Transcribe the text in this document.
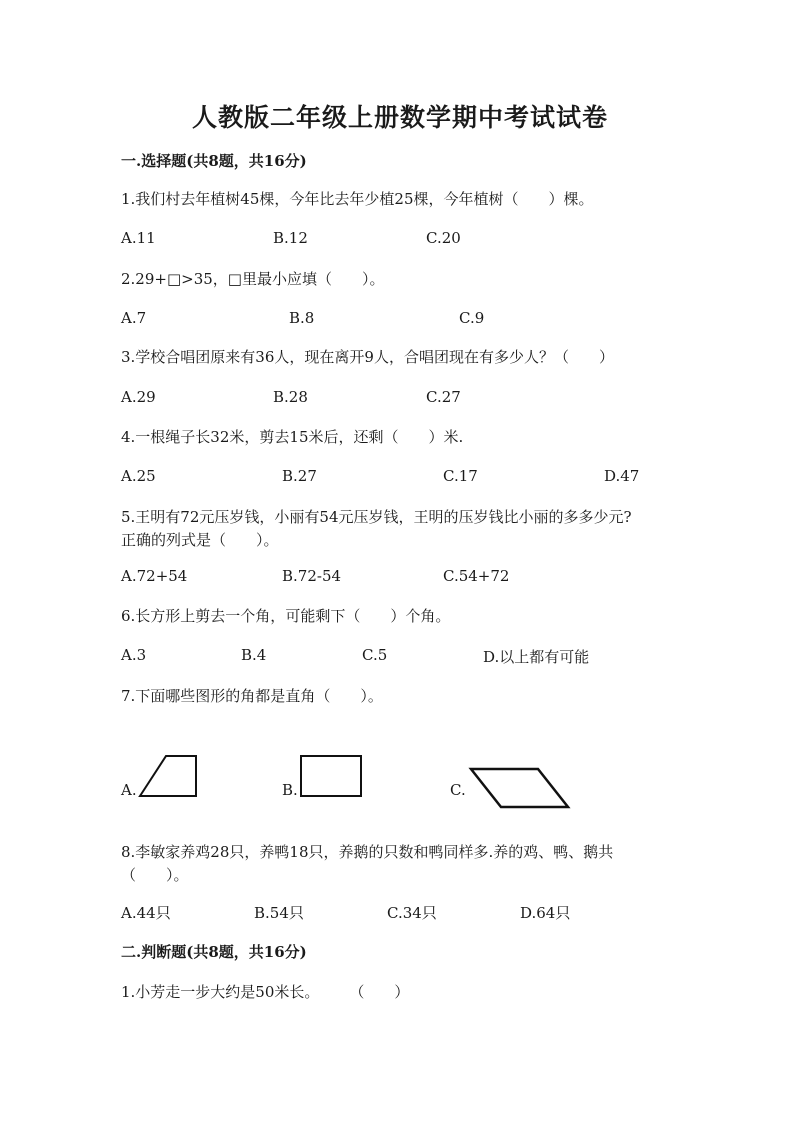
人教版二年级上册数学期中考试试卷
一.选择题(共8题，共16分)
1.我们村去年植树45棵，今年比去年少植25棵，今年植树（　　）棵。
A.11	B.12	C.20
2.29+□>35，□里最小应填（　　）。
A.7	B.8	C.9
3.学校合唱团原来有36人，现在离开9人，合唱团现在有多少人？（　　）
A.29	B.28	C.27
4.一根绳子长32米，剪去15米后，还剩（　　）米.
A.25	B.27	C.17	D.47
5.王明有72元压岁钱，小丽有54元压岁钱，王明的压岁钱比小丽的多多少元?
正确的列式是（　　）。
A.72+54	B.72-54	C.54+72
6.长方形上剪去一个角，可能剩下（　　）个角。
A.3	B.4	C.5	D.以上都有可能
7.下面哪些图形的角都是直角（　　）。
A.	B.	C.
8.李敏家养鸡28只，养鸭18只，养鹅的只数和鸭同样多.养的鸡、鸭、鹅共
（　　）。
A.44只	B.54只	C.34只	D.64只
二.判断题(共8题，共16分)
1.小芳走一步大约是50米长。　　　（　　）
